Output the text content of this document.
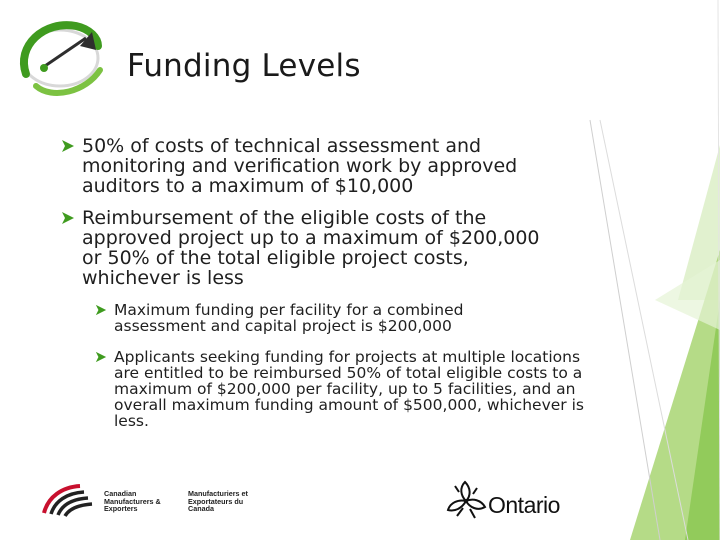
Funding Levels
50% of costs of technical assessment and monitoring and verification work by approved auditors to a maximum of $10,000
Reimbursement of the eligible costs of the approved project up to a maximum of $200,000 or 50% of the total eligible project costs, whichever is less
Maximum funding per facility for a combined assessment and capital project is $200,000
Applicants seeking funding for projects at multiple locations are entitled to be reimbursed 50% of total eligible costs to a maximum of $200,000 per facility, up to 5 facilities, and an overall maximum funding amount of $500,000, whichever is less.
Canadian
Manufacturers &
Exporters
Manufacturiers et
Exportateurs du
Canada	Ontario
